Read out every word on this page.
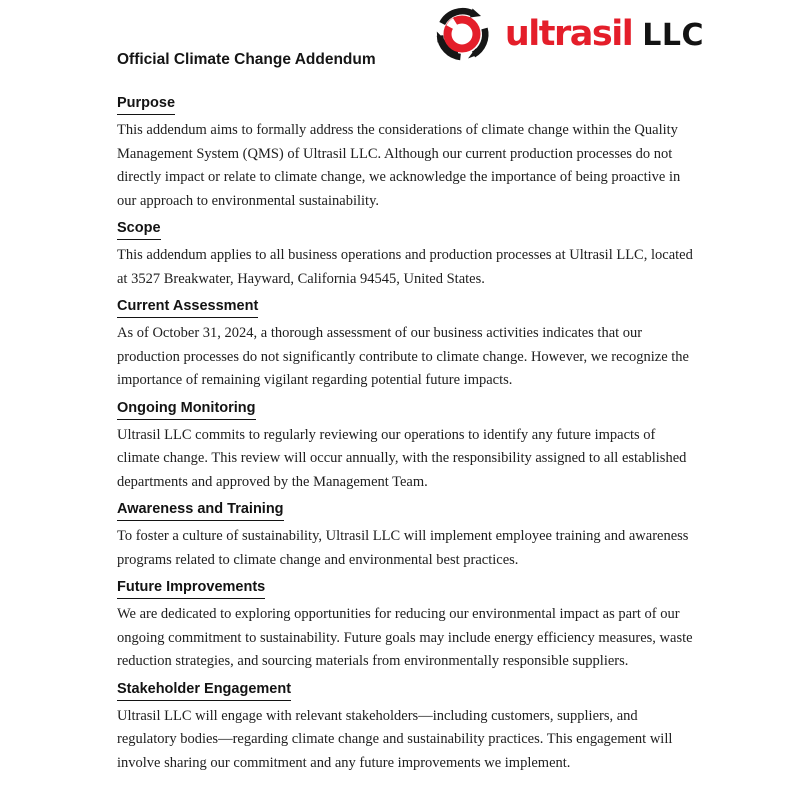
ultrasil LLC
Official Climate Change Addendum
Purpose

This addendum aims to formally address the considerations of climate change within the Quality Management System (QMS) of Ultrasil LLC. Although our current production processes do not directly impact or relate to climate change, we acknowledge the importance of being proactive in our approach to environmental sustainability.

Scope

This addendum applies to all business operations and production processes at Ultrasil LLC, located at 3527 Breakwater, Hayward, California 94545, United States.

Current Assessment

As of October 31, 2024, a thorough assessment of our business activities indicates that our production processes do not significantly contribute to climate change. However, we recognize the importance of remaining vigilant regarding potential future impacts.

Ongoing Monitoring

Ultrasil LLC commits to regularly reviewing our operations to identify any future impacts of climate change. This review will occur annually, with the responsibility assigned to all established departments and approved by the Management Team.

Awareness and Training

To foster a culture of sustainability, Ultrasil LLC will implement employee training and awareness programs related to climate change and environmental best practices.

Future Improvements

We are dedicated to exploring opportunities for reducing our environmental impact as part of our ongoing commitment to sustainability. Future goals may include energy efficiency measures, waste reduction strategies, and sourcing materials from environmentally responsible suppliers.

Stakeholder Engagement

Ultrasil LLC will engage with relevant stakeholders—including customers, suppliers, and regulatory bodies—regarding climate change and sustainability practices. This engagement will involve sharing our commitment and any future improvements we implement.
